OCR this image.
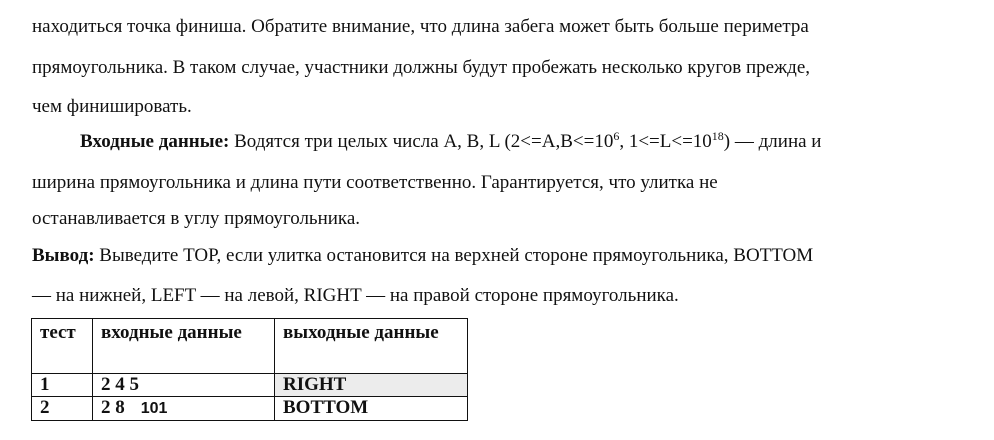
находиться точка финиша. Обратите внимание, что длина забега может быть больше периметра
прямоугольника. В таком случае, участники должны будут пробежать несколько кругов прежде,
чем финишировать.
Входные данные: Водятся три целых числа A, B, L ($2<=A,B<=10^6$, $1<=L<=10^{18}$) — длина и
ширина прямоугольника и длина пути соответственно. Гарантируется, что улитка не
останавливается в углу прямоугольника.
Вывод: Выведите TOP, если улитка остановится на верхней стороне прямоугольника, BOTTOM
— на нижней, LEFT — на левой, RIGHT — на правой стороне прямоугольника.
тест	входные данные	выходные данные
1	2 4 5	RIGHT
2	2 8 101	BOTTOM
